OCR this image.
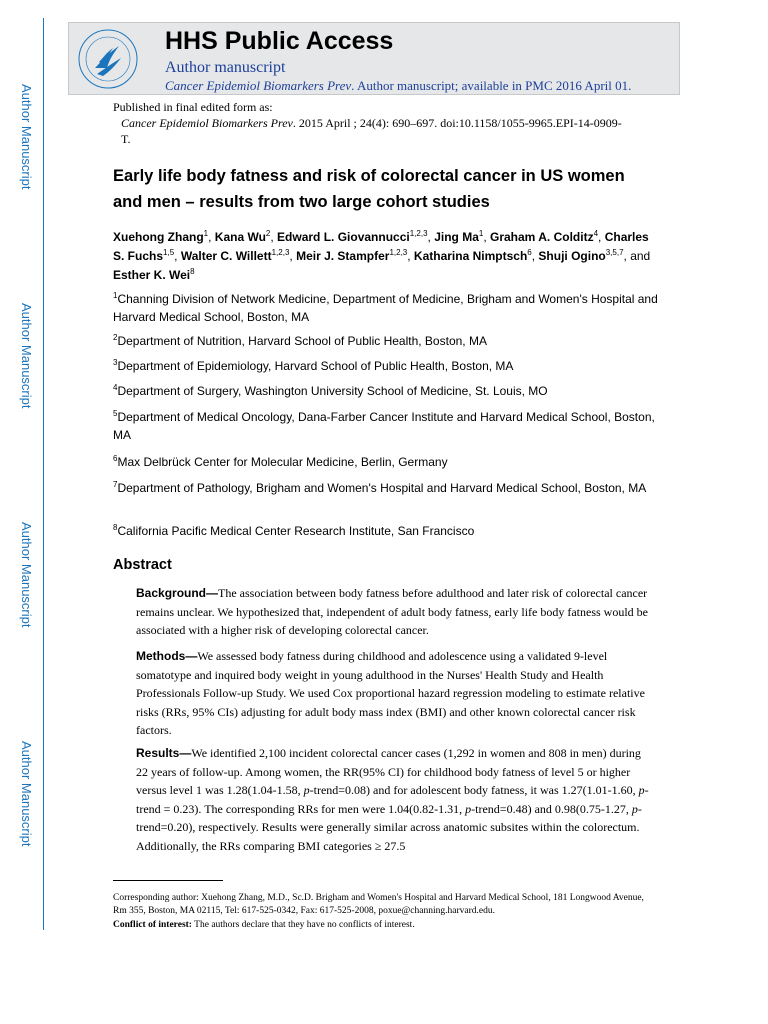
Author Manuscript
Author Manuscript
Author Manuscript
Author Manuscript
HHS Public Access
Author manuscript
Cancer Epidemiol Biomarkers Prev. Author manuscript; available in PMC 2016 April 01.
Published in final edited form as:
Cancer Epidemiol Biomarkers Prev. 2015 April ; 24(4): 690–697. doi:10.1158/1055-9965.EPI-14-0909-
T.
Early life body fatness and risk of colorectal cancer in US women and men – results from two large cohort studies
Xuehong Zhang$^1$, Kana Wu$^2$, Edward L. Giovannucci$^{1,2,3}$, Jing Ma$^1$, Graham A. Colditz$^4$, Charles S. Fuchs$^{1,5}$, Walter C. Willett$^{1,2,3}$, Meir J. Stampfer$^{1,2,3}$, Katharina Nimptsch$^6$, Shuji Ogino$^{3,5,7}$, and Esther K. Wei$^8$
$^1$Channing Division of Network Medicine, Department of Medicine, Brigham and Women's Hospital and Harvard Medical School, Boston, MA
$^2$Department of Nutrition, Harvard School of Public Health, Boston, MA
$^3$Department of Epidemiology, Harvard School of Public Health, Boston, MA
$^4$Department of Surgery, Washington University School of Medicine, St. Louis, MO
$^5$Department of Medical Oncology, Dana-Farber Cancer Institute and Harvard Medical School, Boston, MA
$^6$Max Delbrück Center for Molecular Medicine, Berlin, Germany
$^7$Department of Pathology, Brigham and Women's Hospital and Harvard Medical School, Boston, MA
$^8$California Pacific Medical Center Research Institute, San Francisco
Abstract
Background—The association between body fatness before adulthood and later risk of colorectal cancer remains unclear. We hypothesized that, independent of adult body fatness, early life body fatness would be associated with a higher risk of developing colorectal cancer.
Methods—We assessed body fatness during childhood and adolescence using a validated 9-level somatotype and inquired body weight in young adulthood in the Nurses' Health Study and Health Professionals Follow-up Study. We used Cox proportional hazard regression modeling to estimate relative risks (RRs, 95% CIs) adjusting for adult body mass index (BMI) and other known colorectal cancer risk factors.
Results—We identified 2,100 incident colorectal cancer cases (1,292 in women and 808 in men) during 22 years of follow-up. Among women, the RR(95% CI) for childhood body fatness of level 5 or higher versus level 1 was 1.28(1.04-1.58, p-trend=0.08) and for adolescent body fatness, it was 1.27(1.01-1.60, p-trend = 0.23). The corresponding RRs for men were 1.04(0.82-1.31, p-trend=0.48) and 0.98(0.75-1.27, p-trend=0.20), respectively. Results were generally similar across anatomic subsites within the colorectum. Additionally, the RRs comparing BMI categories ≥ 27.5
Corresponding author: Xuehong Zhang, M.D., Sc.D. Brigham and Women's Hospital and Harvard Medical School, 181 Longwood Avenue, Rm 355, Boston, MA 02115, Tel: 617-525-0342, Fax: 617-525-2008, poxue@channing.harvard.edu.
Conflict of interest: The authors declare that they have no conflicts of interest.
